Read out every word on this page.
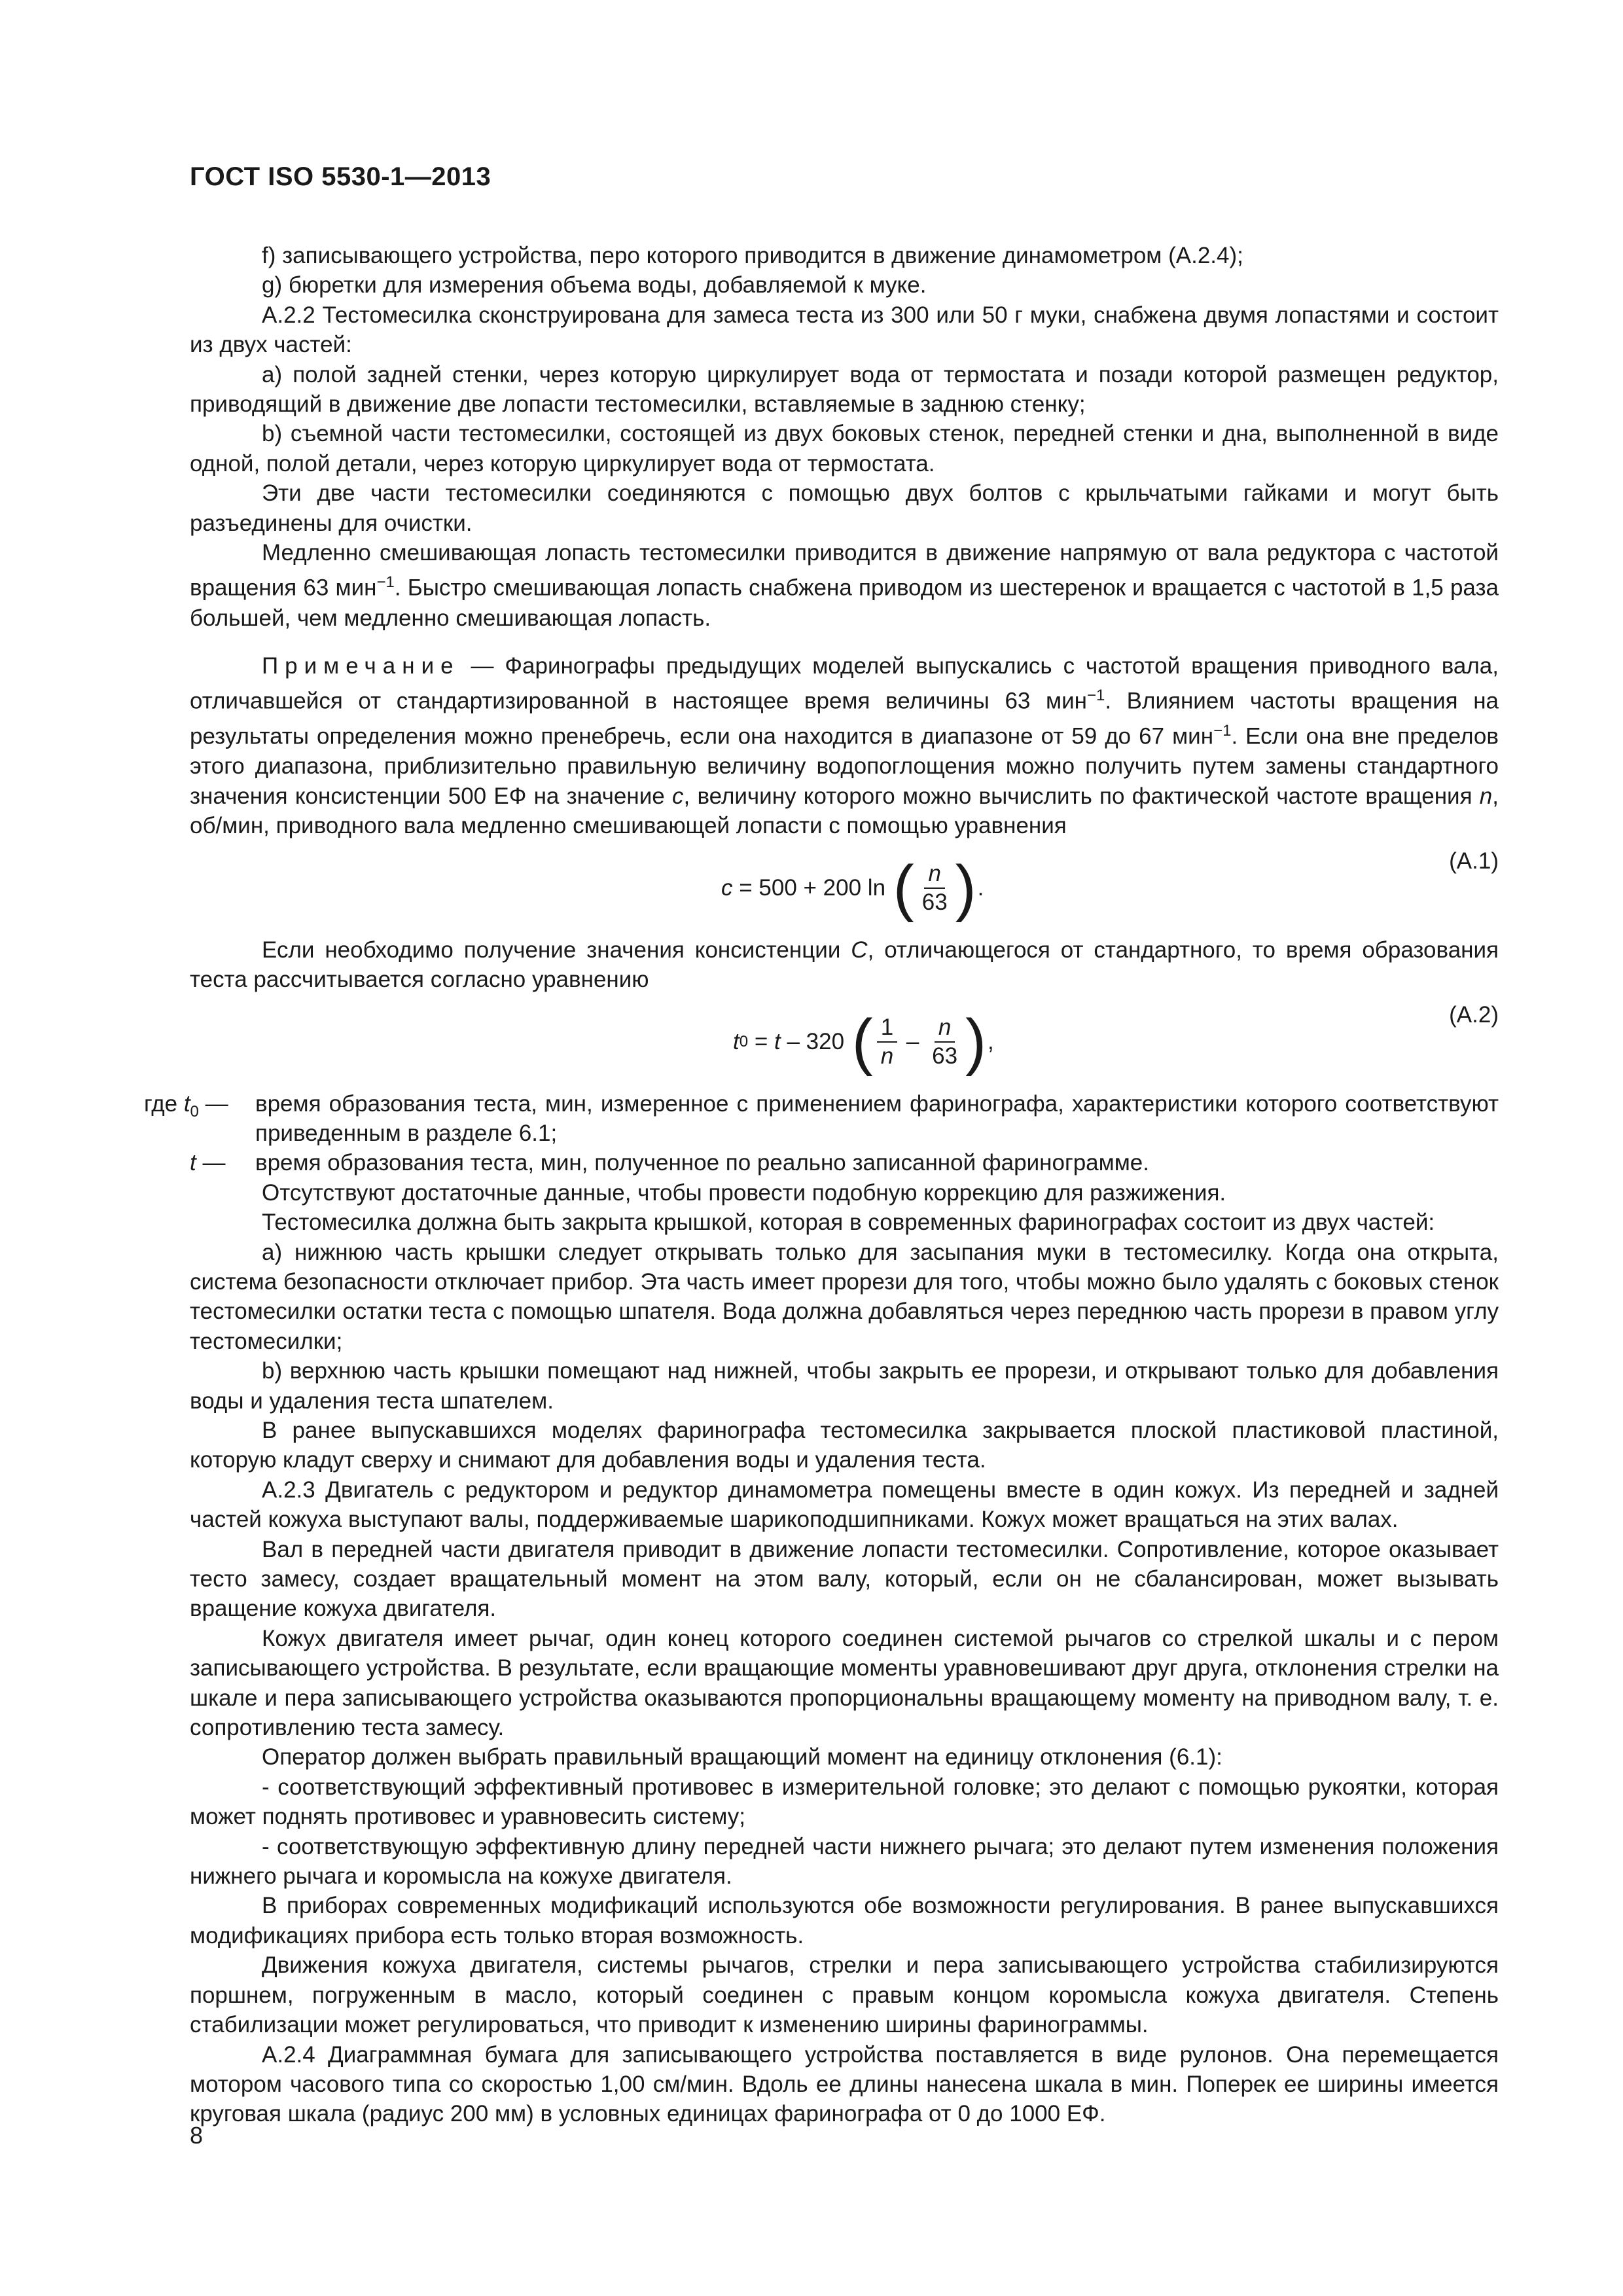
ГОСТ ISO 5530-1—2013

f) записывающего устройства, перо которого приводится в движение динамометром (А.2.4);

g) бюретки для измерения объема воды, добавляемой к муке.

А.2.2 Тестомесилка сконструирована для замеса теста из 300 или 50 г муки, снабжена двумя лопастями и состоит из двух частей:

а) полой задней стенки, через которую циркулирует вода от термостата и позади которой размещен редуктор, приводящий в движение две лопасти тестомесилки, вставляемые в заднюю стенку;

b) съемной части тестомесилки, состоящей из двух боковых стенок, передней стенки и дна, выполненной в виде одной, полой детали, через которую циркулирует вода от термостата.

Эти две части тестомесилки соединяются с помощью двух болтов с крыльчатыми гайками и могут быть разъединены для очистки.

Медленно смешивающая лопасть тестомесилки приводится в движение напрямую от вала редуктора с частотой вращения 63 мин$^{-1}$. Быстро смешивающая лопасть снабжена приводом из шестеренок и вращается с частотой в 1,5 раза большей, чем медленно смешивающая лопасть.

Примечание — Фаринографы предыдущих моделей выпускались с частотой вращения приводного вала, отличавшейся от стандартизированной в настоящее время величины 63 мин$^{-1}$. Влиянием частоты вращения на результаты определения можно пренебречь, если она находится в диапазоне от 59 до 67 мин$^{-1}$. Если она вне пределов этого диапазона, приблизительно правильную величину водопоглощения можно получить путем замены стандартного значения консистенции 500 ЕФ на значение c, величину которого можно вычислить по фактической частоте вращения n, об/мин, приводного вала медленно смешивающей лопасти с помощью уравнения

c = 500 + 200 ln ( $\frac{n}{63}$ ) .
(А.1)

Если необходимо получение значения консистенции C, отличающегося от стандартного, то время образования теста рассчитывается согласно уравнению

t 0 = t – 320 ( $\frac{1}{n} - \frac{n}{63}$ ) ,
(А.2)
где $t_0$ —	время образования теста, мин, измеренное с применением фаринографа, характеристики которого соответствуют приведенным в разделе 6.1;
t —	время образования теста, мин, полученное по реально записанной фаринограмме.

Отсутствуют достаточные данные, чтобы провести подобную коррекцию для разжижения.

Тестомесилка должна быть закрыта крышкой, которая в современных фаринографах состоит из двух частей:

а) нижнюю часть крышки следует открывать только для засыпания муки в тестомесилку. Когда она открыта, система безопасности отключает прибор. Эта часть имеет прорези для того, чтобы можно было удалять с боковых стенок тестомесилки остатки теста с помощью шпателя. Вода должна добавляться через переднюю часть прорези в правом углу тестомесилки;

b) верхнюю часть крышки помещают над нижней, чтобы закрыть ее прорези, и открывают только для добавления воды и удаления теста шпателем.

В ранее выпускавшихся моделях фаринографа тестомесилка закрывается плоской пластиковой пластиной, которую кладут сверху и снимают для добавления воды и удаления теста.

А.2.3 Двигатель с редуктором и редуктор динамометра помещены вместе в один кожух. Из передней и задней частей кожуха выступают валы, поддерживаемые шарикоподшипниками. Кожух может вращаться на этих валах.

Вал в передней части двигателя приводит в движение лопасти тестомесилки. Сопротивление, которое оказывает тесто замесу, создает вращательный момент на этом валу, который, если он не сбалансирован, может вызывать вращение кожуха двигателя.

Кожух двигателя имеет рычаг, один конец которого соединен системой рычагов со стрелкой шкалы и с пером записывающего устройства. В результате, если вращающие моменты уравновешивают друг друга, отклонения стрелки на шкале и пера записывающего устройства оказываются пропорциональны вращающему моменту на приводном валу, т. е. сопротивлению теста замесу.

Оператор должен выбрать правильный вращающий момент на единицу отклонения (6.1):

- соответствующий эффективный противовес в измерительной головке; это делают с помощью рукоятки, которая может поднять противовес и уравновесить систему;

- соответствующую эффективную длину передней части нижнего рычага; это делают путем изменения положения нижнего рычага и коромысла на кожухе двигателя.

В приборах современных модификаций используются обе возможности регулирования. В ранее выпускавшихся модификациях прибора есть только вторая возможность.

Движения кожуха двигателя, системы рычагов, стрелки и пера записывающего устройства стабилизируются поршнем, погруженным в масло, который соединен с правым концом коромысла кожуха двигателя. Степень стабилизации может регулироваться, что приводит к изменению ширины фаринограммы.

А.2.4 Диаграммная бумага для записывающего устройства поставляется в виде рулонов. Она перемещается мотором часового типа со скоростью 1,00 см/мин. Вдоль ее длины нанесена шкала в мин. Поперек ее ширины имеется круговая шкала (радиус 200 мм) в условных единицах фаринографа от 0 до 1000 ЕФ.

8
